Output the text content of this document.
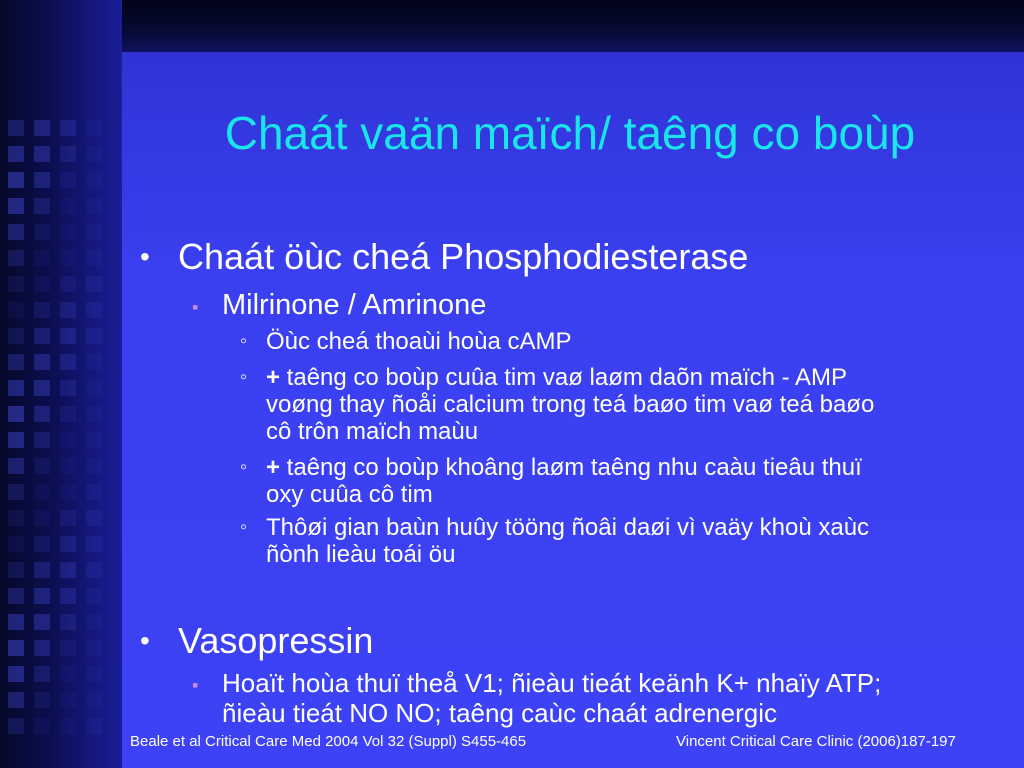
Chaát vaän maïch/ taêng co boùp
• Chaát öùc cheá Phosphodiesterase
▪ Milrinone / Amrinone
◦ Öùc cheá thoaùi hoùa cAMP
◦ + taêng co boùp cuûa tim vaø laøm daõn maïch - AMP
voøng thay ñoåi calcium trong teá baøo tim vaø teá baøo
cô trôn maïch maùu
◦ + taêng co boùp khoâng laøm taêng nhu caàu tieâu thuï
oxy cuûa cô tim
◦ Thôøi gian baùn huûy tööng ñoâi daøi vì vaäy khoù xaùc
ñònh lieàu toái öu
• Vasopressin
▪ Hoaït hoùa thuï theå V1; ñieàu tieát keänh K+ nhaïy ATP;
ñieàu tieát NO NO; taêng caùc chaát adrenergic
Beale et al Critical Care Med 2004 Vol 32 (Suppl) S455-465	Vincent Critical Care Clinic (2006)187-197
